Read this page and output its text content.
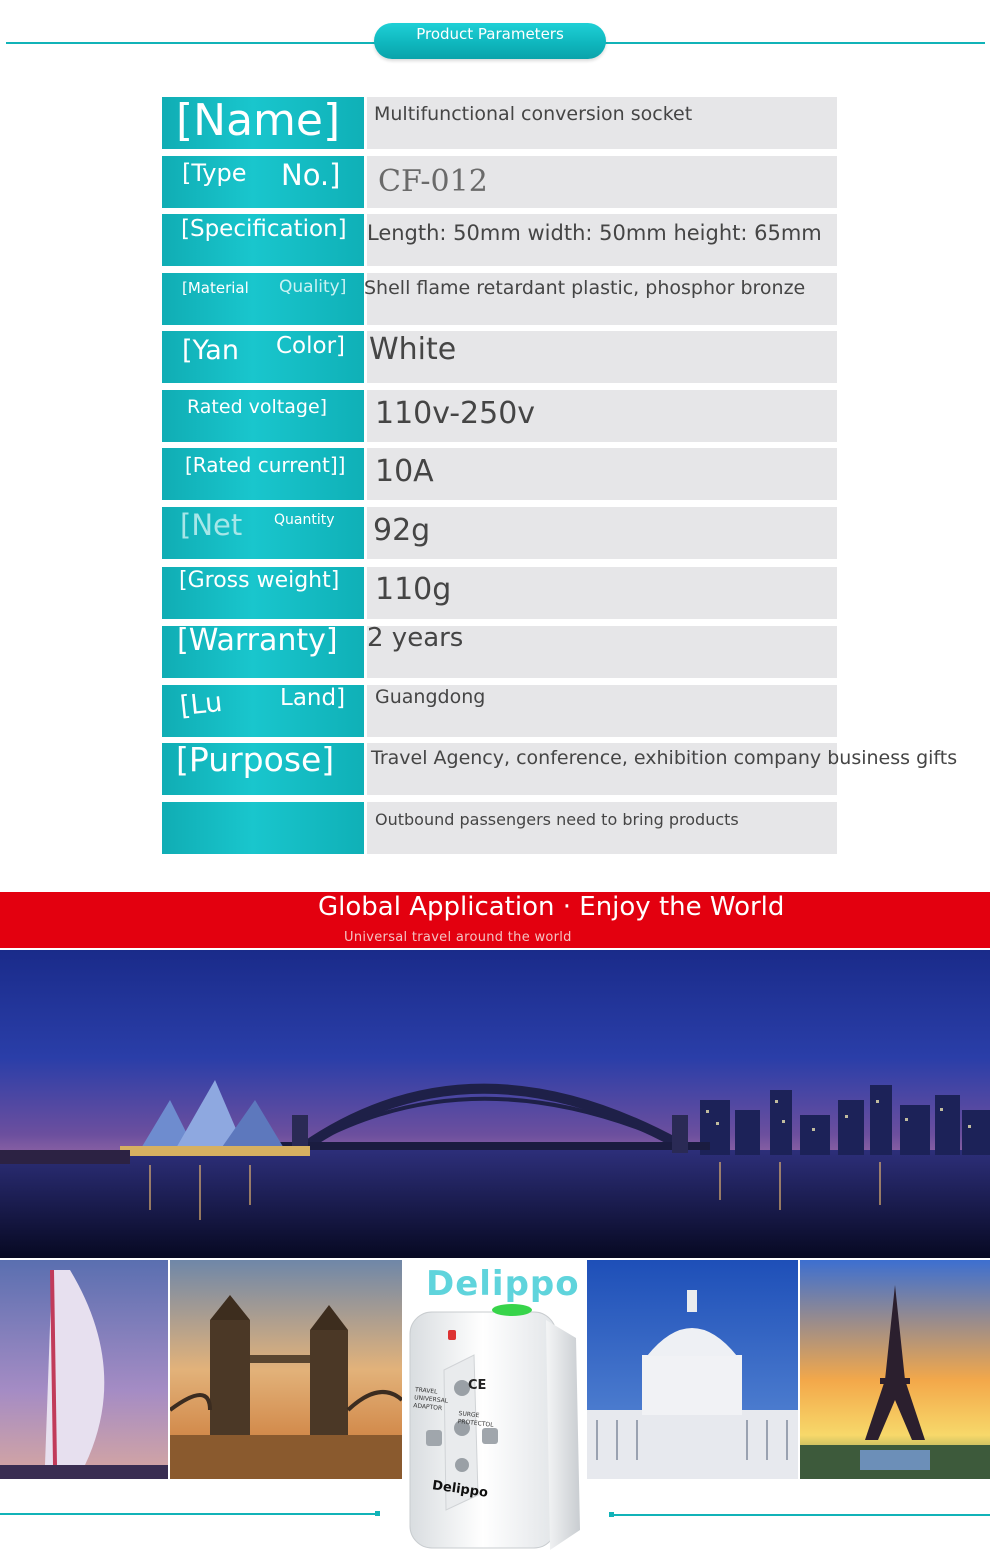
Product Parameters
[Name] Multifunctional conversion socket
[Type No.] CF-012
[Specification] Length: 50mm width: 50mm height: 65mm
[Material Quality] Shell flame retardant plastic, phosphor bronze
[Yan Color] White
Rated voltage] 110v-250v
[Rated current]] 10A
[Net Quantity 92g
[Gross weight] 110g
[Warranty] 2 years
[Lu Land] Guangdong
[Purpose] Travel Agency, conference, exhibition company business gifts
Outbound passengers need to bring products
Global Application · Enjoy the World
Universal travel around the world
Delippo
CE
TRAVEL
UNIVERSAL
ADAPTOR
SURGE
PROTECTOL
Delippo
